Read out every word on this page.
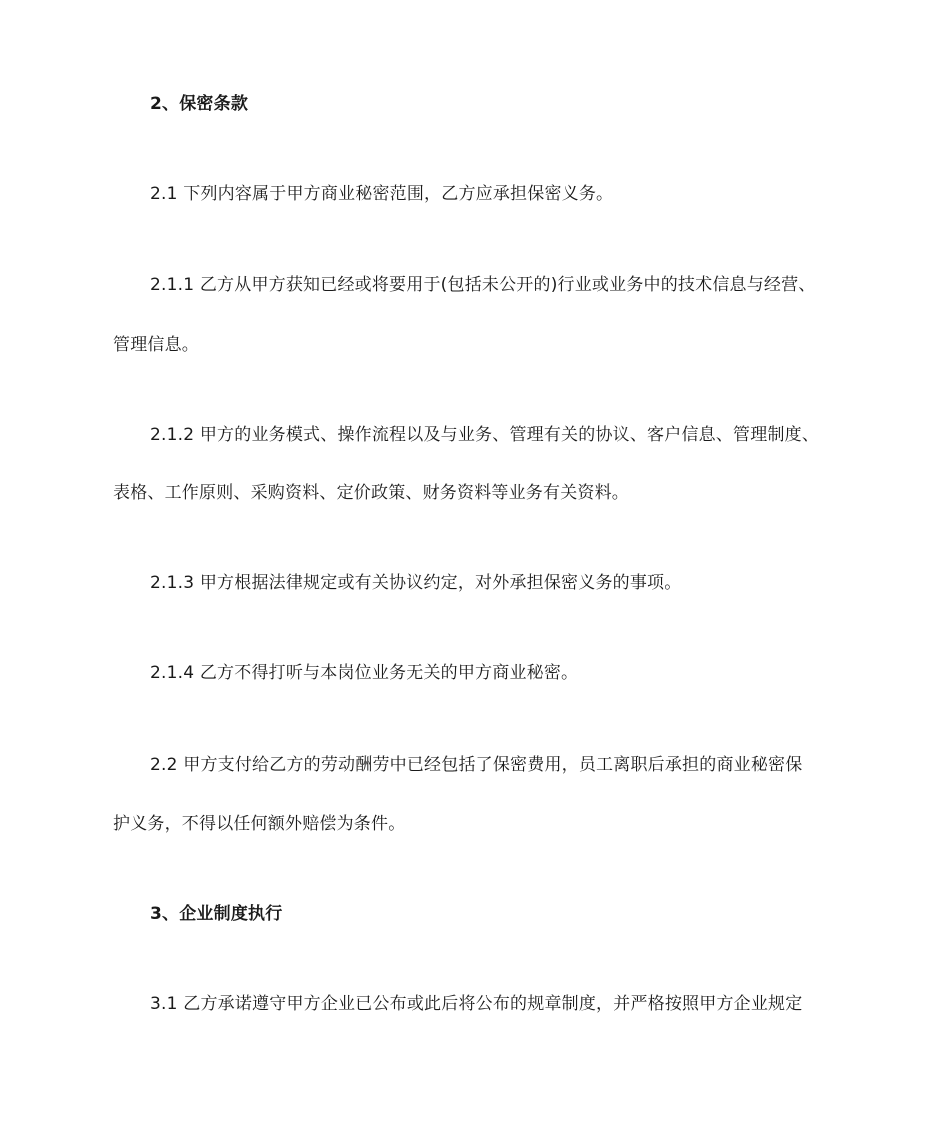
2、保密条款
2.1 下列内容属于甲方商业秘密范围，乙方应承担保密义务。
2.1.1 乙方从甲方获知已经或将要用于(包括未公开的)行业或业务中的技术信息与经营、
管理信息。
2.1.2 甲方的业务模式、操作流程以及与业务、管理有关的协议、客户信息、管理制度、
表格、工作原则、采购资料、定价政策、财务资料等业务有关资料。
2.1.3 甲方根据法律规定或有关协议约定，对外承担保密义务的事项。
2.1.4 乙方不得打听与本岗位业务无关的甲方商业秘密。
2.2 甲方支付给乙方的劳动酬劳中已经包括了保密费用，员工离职后承担的商业秘密保
护义务，不得以任何额外赔偿为条件。
3、企业制度执行
3.1 乙方承诺遵守甲方企业已公布或此后将公布的规章制度，并严格按照甲方企业规定
